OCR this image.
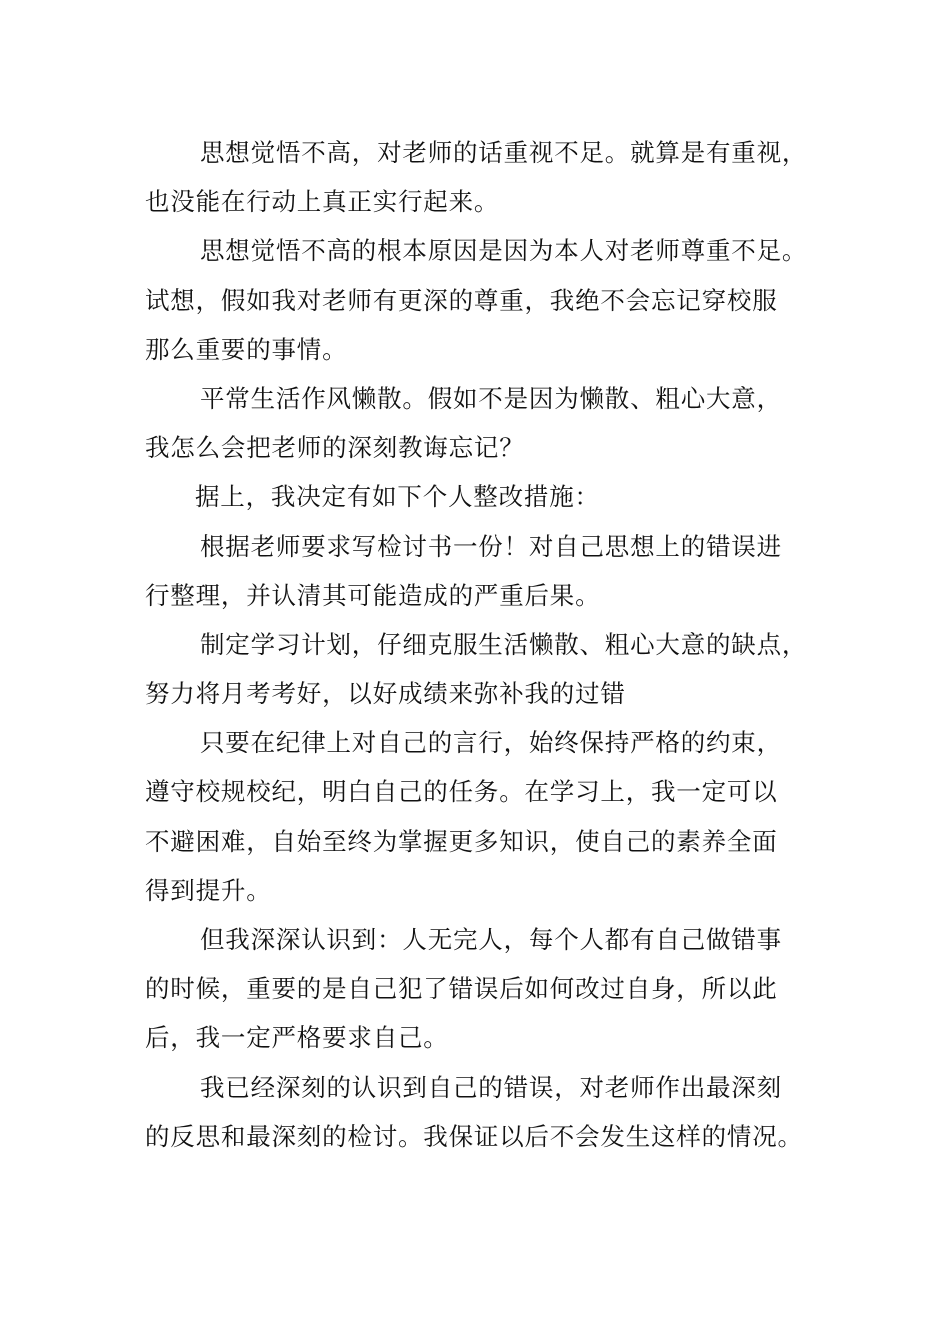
思想觉悟不高，对老师的话重视不足。就算是有重视，
也没能在行动上真正实行起来。
思想觉悟不高的根本原因是因为本人对老师尊重不足。
试想，假如我对老师有更深的尊重，我绝不会忘记穿校服
那么重要的事情。
平常生活作风懒散。假如不是因为懒散、粗心大意，
我怎么会把老师的深刻教诲忘记？
据上，我决定有如下个人整改措施：
根据老师要求写检讨书一份！对自己思想上的错误进
行整理，并认清其可能造成的严重后果。
制定学习计划，仔细克服生活懒散、粗心大意的缺点，
努力将月考考好，以好成绩来弥补我的过错
只要在纪律上对自己的言行，始终保持严格的约束，
遵守校规校纪，明白自己的任务。在学习上，我一定可以
不避困难，自始至终为掌握更多知识，使自己的素养全面
得到提升。
但我深深认识到：人无完人，每个人都有自己做错事
的时候，重要的是自己犯了错误后如何改过自身，所以此
后，我一定严格要求自己。
我已经深刻的认识到自己的错误，对老师作出最深刻
的反思和最深刻的检讨。我保证以后不会发生这样的情况。
